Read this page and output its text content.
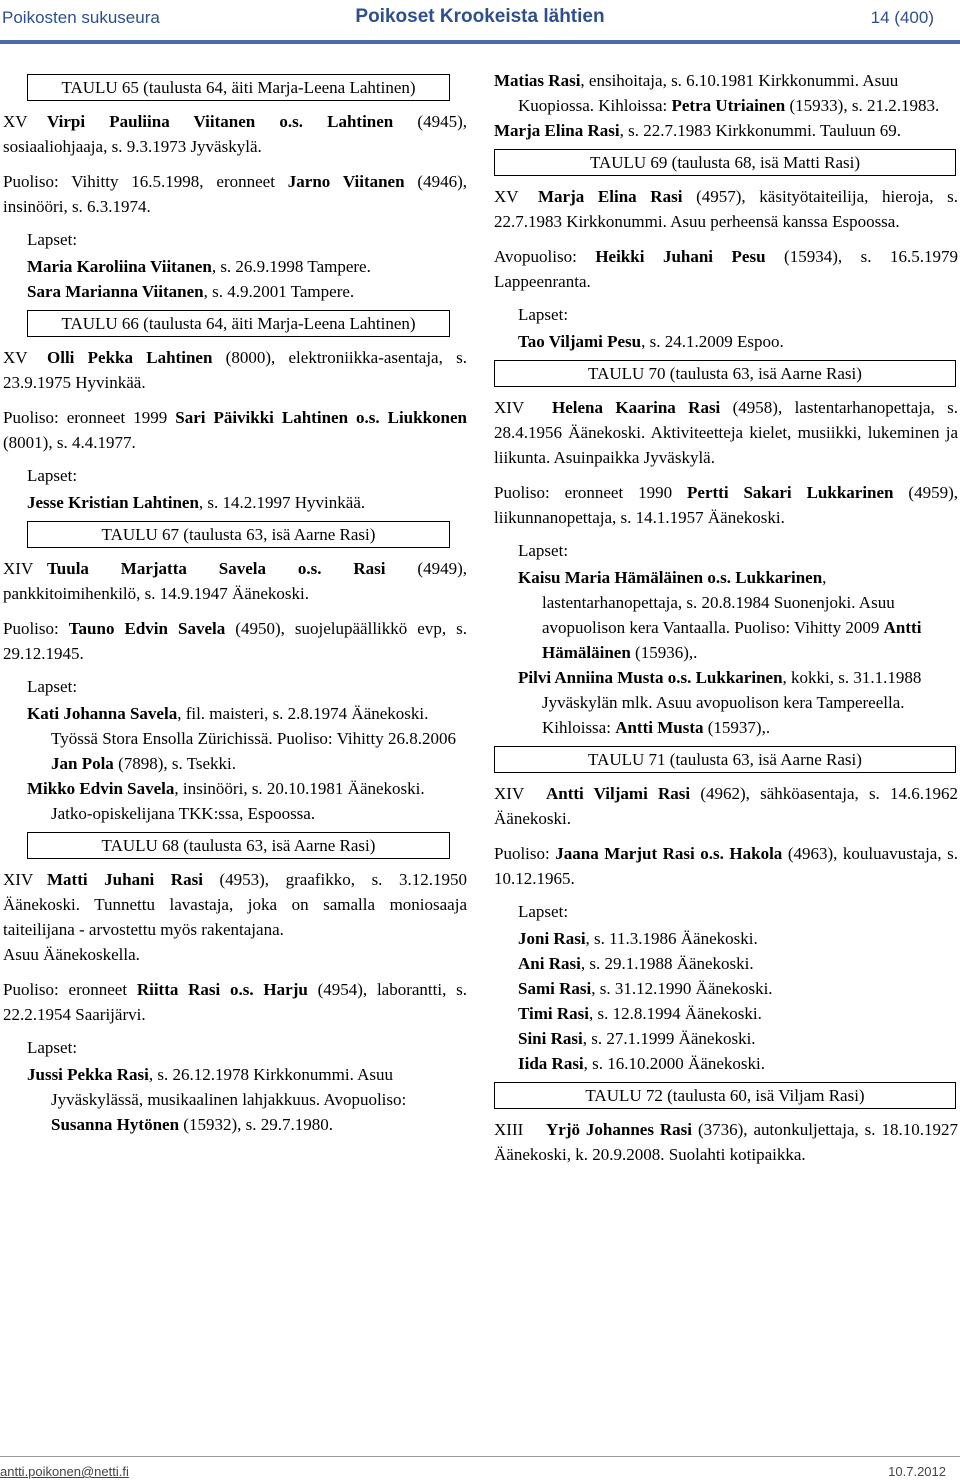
Poikosten sukuseura	Poikoset Krookeista lähtien	14 (400)
TAULU 65 (taulusta 64, äiti Marja-Leena Lahtinen)

XV Virpi Pauliina Viitanen o.s. Lahtinen (4945), sosiaaliohjaaja, s. 9.3.1973 Jyväskylä.

Puoliso: Vihitty 16.5.1998, eronneet Jarno Viitanen (4946), insinööri, s. 6.3.1974.

Lapset:

Maria Karoliina Viitanen, s. 26.9.1998 Tampere.

Sara Marianna Viitanen, s. 4.9.2001 Tampere.

TAULU 66 (taulusta 64, äiti Marja-Leena Lahtinen)

XV Olli Pekka Lahtinen (8000), elektroniikka-asentaja, s. 23.9.1975 Hyvinkää.

Puoliso: eronneet 1999 Sari Päivikki Lahtinen o.s. Liukkonen (8001), s. 4.4.1977.

Lapset:

Jesse Kristian Lahtinen, s. 14.2.1997 Hyvinkää.

TAULU 67 (taulusta 63, isä Aarne Rasi)

XIV Tuula Marjatta Savela o.s. Rasi (4949), pankkitoimihenkilö, s. 14.9.1947 Äänekoski.

Puoliso: Tauno Edvin Savela (4950), suojelupäällikkö evp, s. 29.12.1945.

Lapset:

Kati Johanna Savela, fil. maisteri, s. 2.8.1974 Äänekoski. Työssä Stora Ensolla Zürichissä. Puoliso: Vihitty 26.8.2006 Jan Pola (7898), s. Tsekki.

Mikko Edvin Savela, insinööri, s. 20.10.1981 Äänekoski. Jatko-opiskelijana TKK:ssa, Espoossa.

TAULU 68 (taulusta 63, isä Aarne Rasi)

XIV Matti Juhani Rasi (4953), graafikko, s. 3.12.1950 Äänekoski. Tunnettu lavastaja, joka on samalla moniosaaja taiteilijana - arvostettu myös rakentajana.

Asuu Äänekoskella.

Puoliso: eronneet Riitta Rasi o.s. Harju (4954), laborantti, s. 22.2.1954 Saarijärvi.

Lapset:

Jussi Pekka Rasi, s. 26.12.1978 Kirkkonummi. Asuu Jyväskylässä, musikaalinen lahjakkuus. Avopuoliso: Susanna Hytönen (15932), s. 29.7.1980.

Matias Rasi, ensihoitaja, s. 6.10.1981 Kirkkonummi. Asuu Kuopiossa. Kihloissa: Petra Utriainen (15933), s. 21.2.1983.

Marja Elina Rasi, s. 22.7.1983 Kirkkonummi. Tauluun 69.

TAULU 69 (taulusta 68, isä Matti Rasi)

XV Marja Elina Rasi (4957), käsityötaiteilija, hieroja, s. 22.7.1983 Kirkkonummi. Asuu perheensä kanssa Espoossa.

Avopuoliso: Heikki Juhani Pesu (15934), s. 16.5.1979 Lappeenranta.

Lapset:

Tao Viljami Pesu, s. 24.1.2009 Espoo.

TAULU 70 (taulusta 63, isä Aarne Rasi)

XIV Helena Kaarina Rasi (4958), lastentarhanopettaja, s. 28.4.1956 Äänekoski. Aktiviteetteja kielet, musiikki, lukeminen ja liikunta. Asuinpaikka Jyväskylä.

Puoliso: eronneet 1990 Pertti Sakari Lukkarinen (4959), liikunnanopettaja, s. 14.1.1957 Äänekoski.

Lapset:

Kaisu Maria Hämäläinen o.s. Lukkarinen, lastentarhanopettaja, s. 20.8.1984 Suonenjoki. Asuu avopuolison kera Vantaalla. Puoliso: Vihitty 2009 Antti Hämäläinen (15936),.

Pilvi Anniina Musta o.s. Lukkarinen, kokki, s. 31.1.1988 Jyväskylän mlk. Asuu avopuolison kera Tampereella. Kihloissa: Antti Musta (15937),.

TAULU 71 (taulusta 63, isä Aarne Rasi)

XIV Antti Viljami Rasi (4962), sähköasentaja, s. 14.6.1962 Äänekoski.

Puoliso: Jaana Marjut Rasi o.s. Hakola (4963), kouluavustaja, s. 10.12.1965.

Lapset:

Joni Rasi, s. 11.3.1986 Äänekoski.

Ani Rasi, s. 29.1.1988 Äänekoski.

Sami Rasi, s. 31.12.1990 Äänekoski.

Timi Rasi, s. 12.8.1994 Äänekoski.

Sini Rasi, s. 27.1.1999 Äänekoski.

Iida Rasi, s. 16.10.2000 Äänekoski.

TAULU 72 (taulusta 60, isä Viljam Rasi)

XIII Yrjö Johannes Rasi (3736), autonkuljettaja, s. 18.10.1927 Äänekoski, k. 20.9.2008. Suolahti kotipaikka.

antti.poikonen@netti.fi	10.7.2012
